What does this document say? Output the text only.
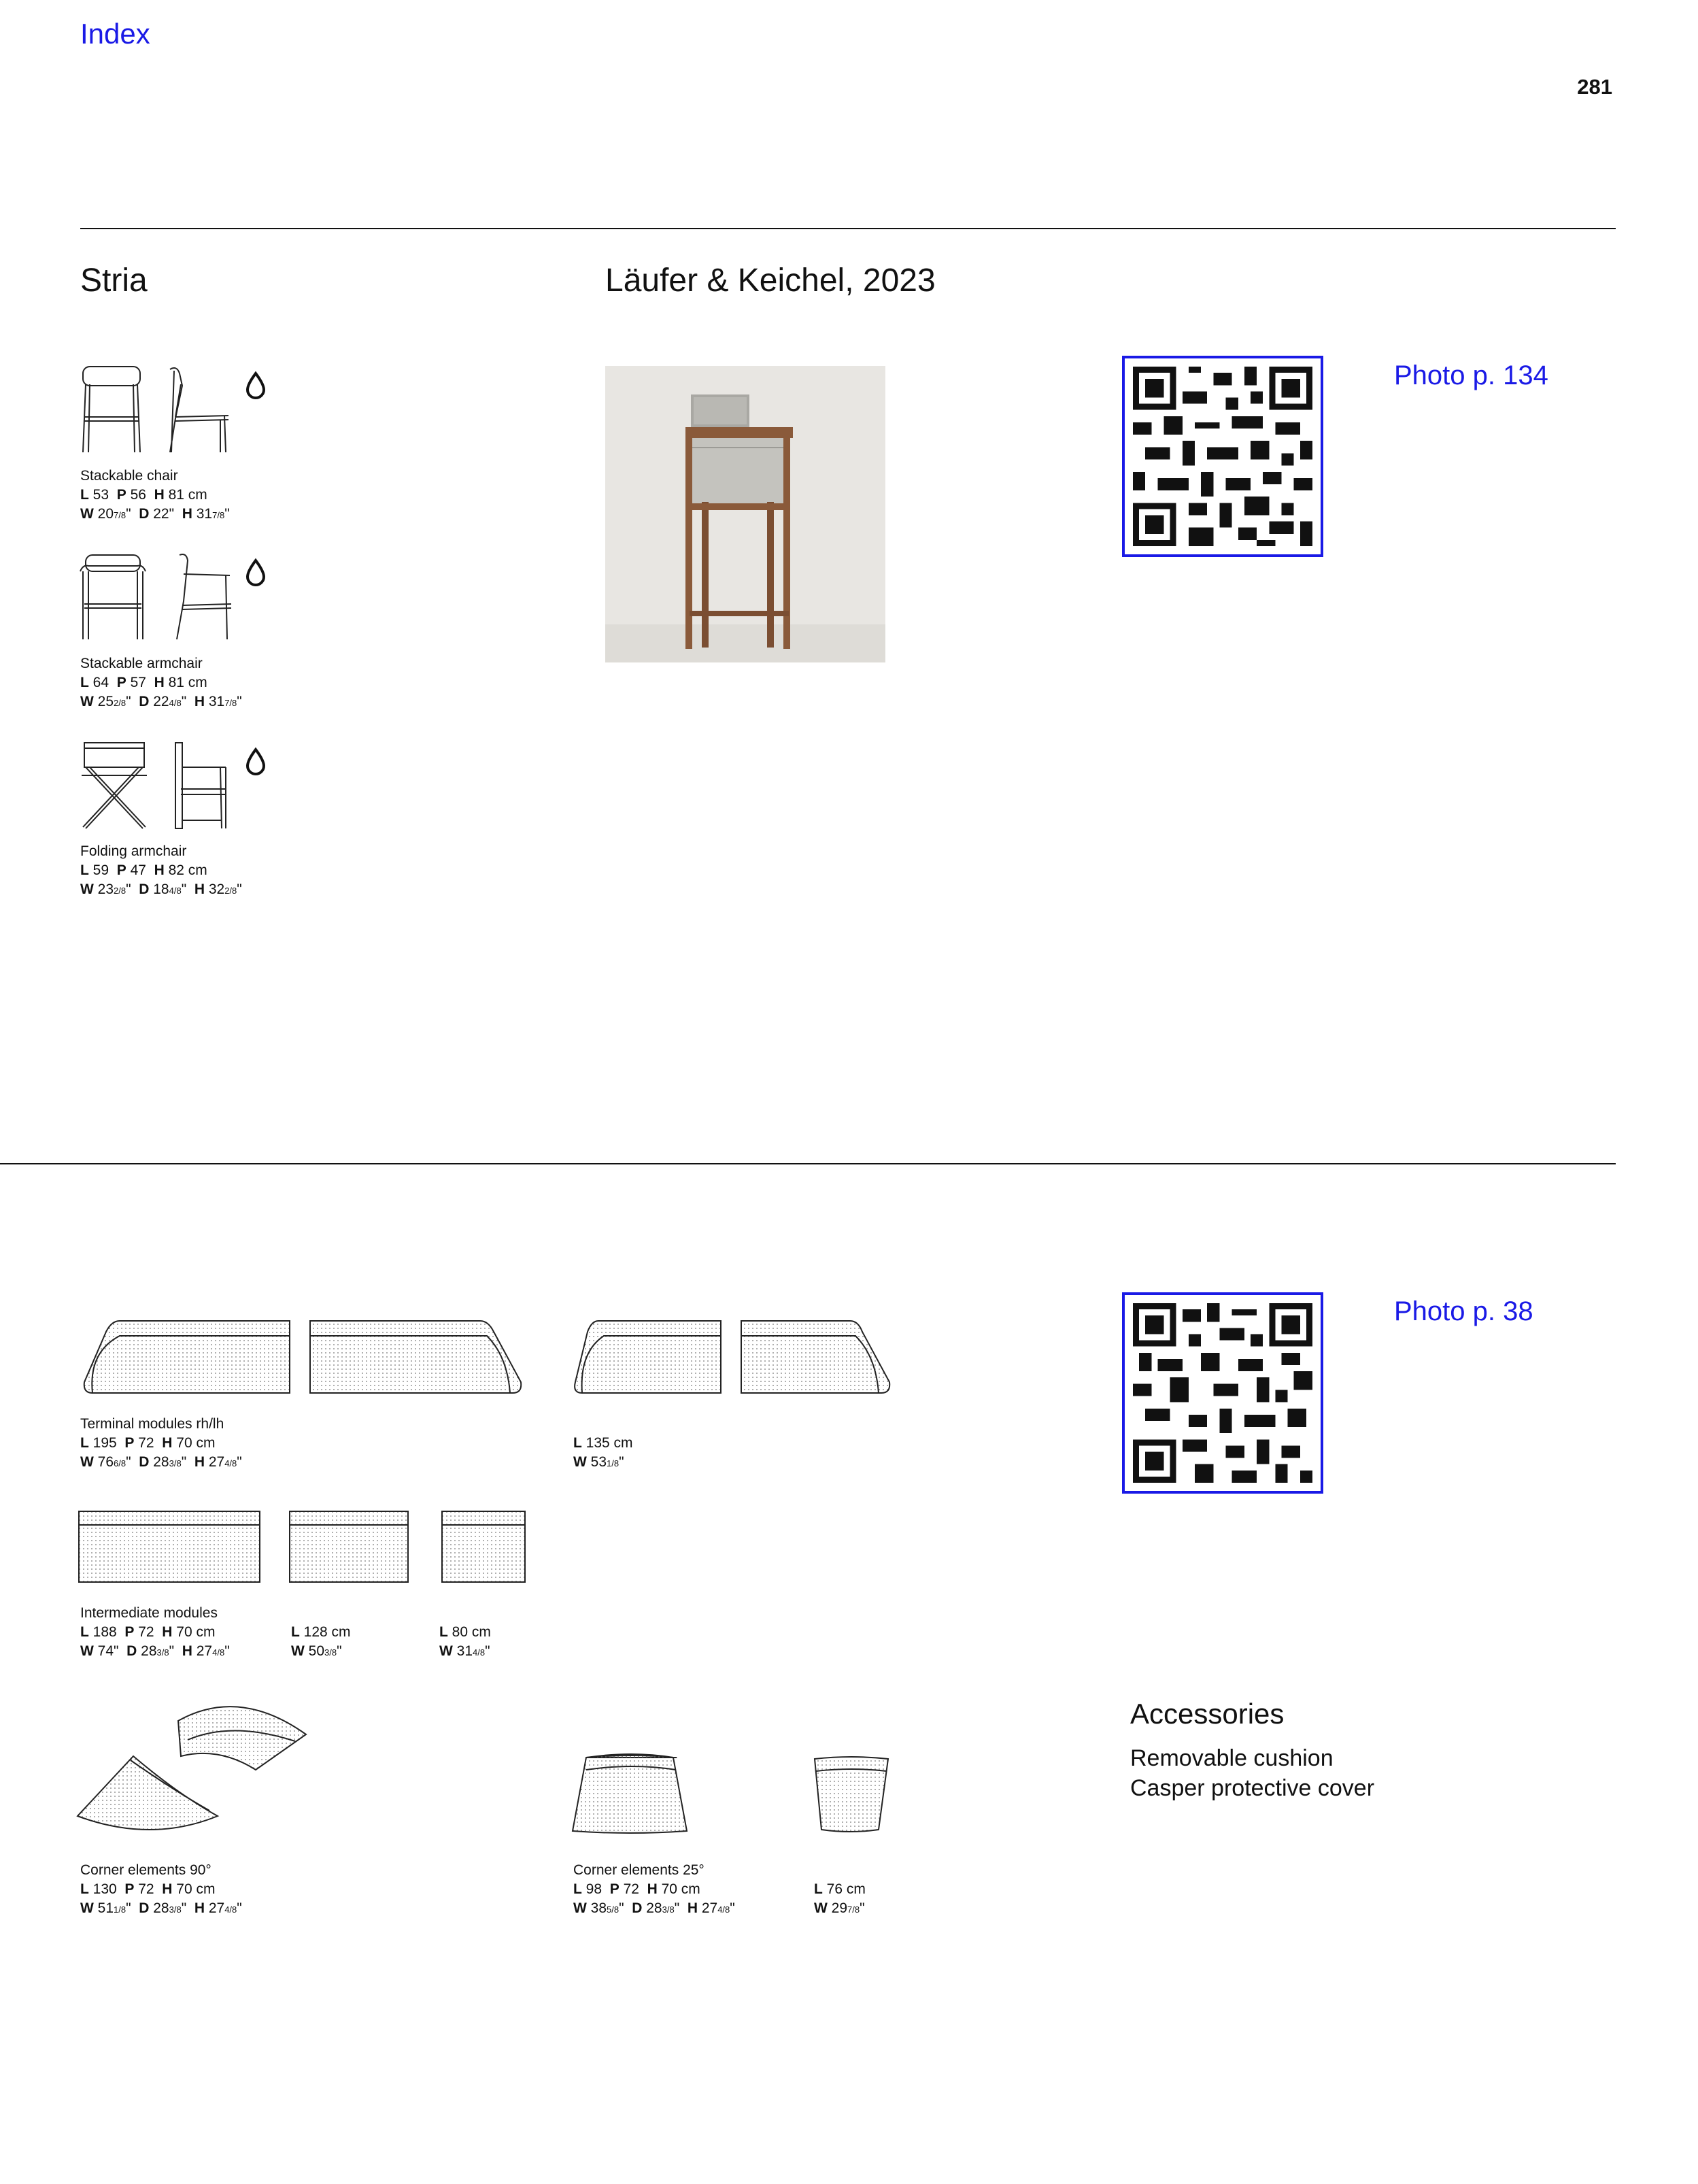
Index
281
Stria	Läufer & Keichel, 2023
Stackable chair
L 53 P 56 H 81 cm
W 207/8"  D 22"  H 317/8"
Stackable armchair
L 64 P 57 H 81 cm
W 252/8"  D 224/8"  H 317/8"
Folding armchair
L 59 P 47 H 82 cm
W 232/8"  D 184/8"  H 322/8"
Photo p. 134
Terminal modules rh/lh
L 195 P 72 H 70 cm
W 766/8"  D 283/8"  H 274/8"
L 135 cm
W 531/8"
Intermediate modules
L 188 P 72 H 70 cm
W 74"  D 283/8"  H 274/8"
L 128 cm
W 503/8"
L 80 cm
W 314/8"
Corner elements 90°
L 130 P 72 H 70 cm
W 511/8"  D 283/8"  H 274/8"
Corner elements 25°
L 98 P 72 H 70 cm
W 385/8"  D 283/8"  H 274/8"
L 76 cm
W 297/8"
Photo p. 38
Accessories
Removable cushion
Casper protective cover
